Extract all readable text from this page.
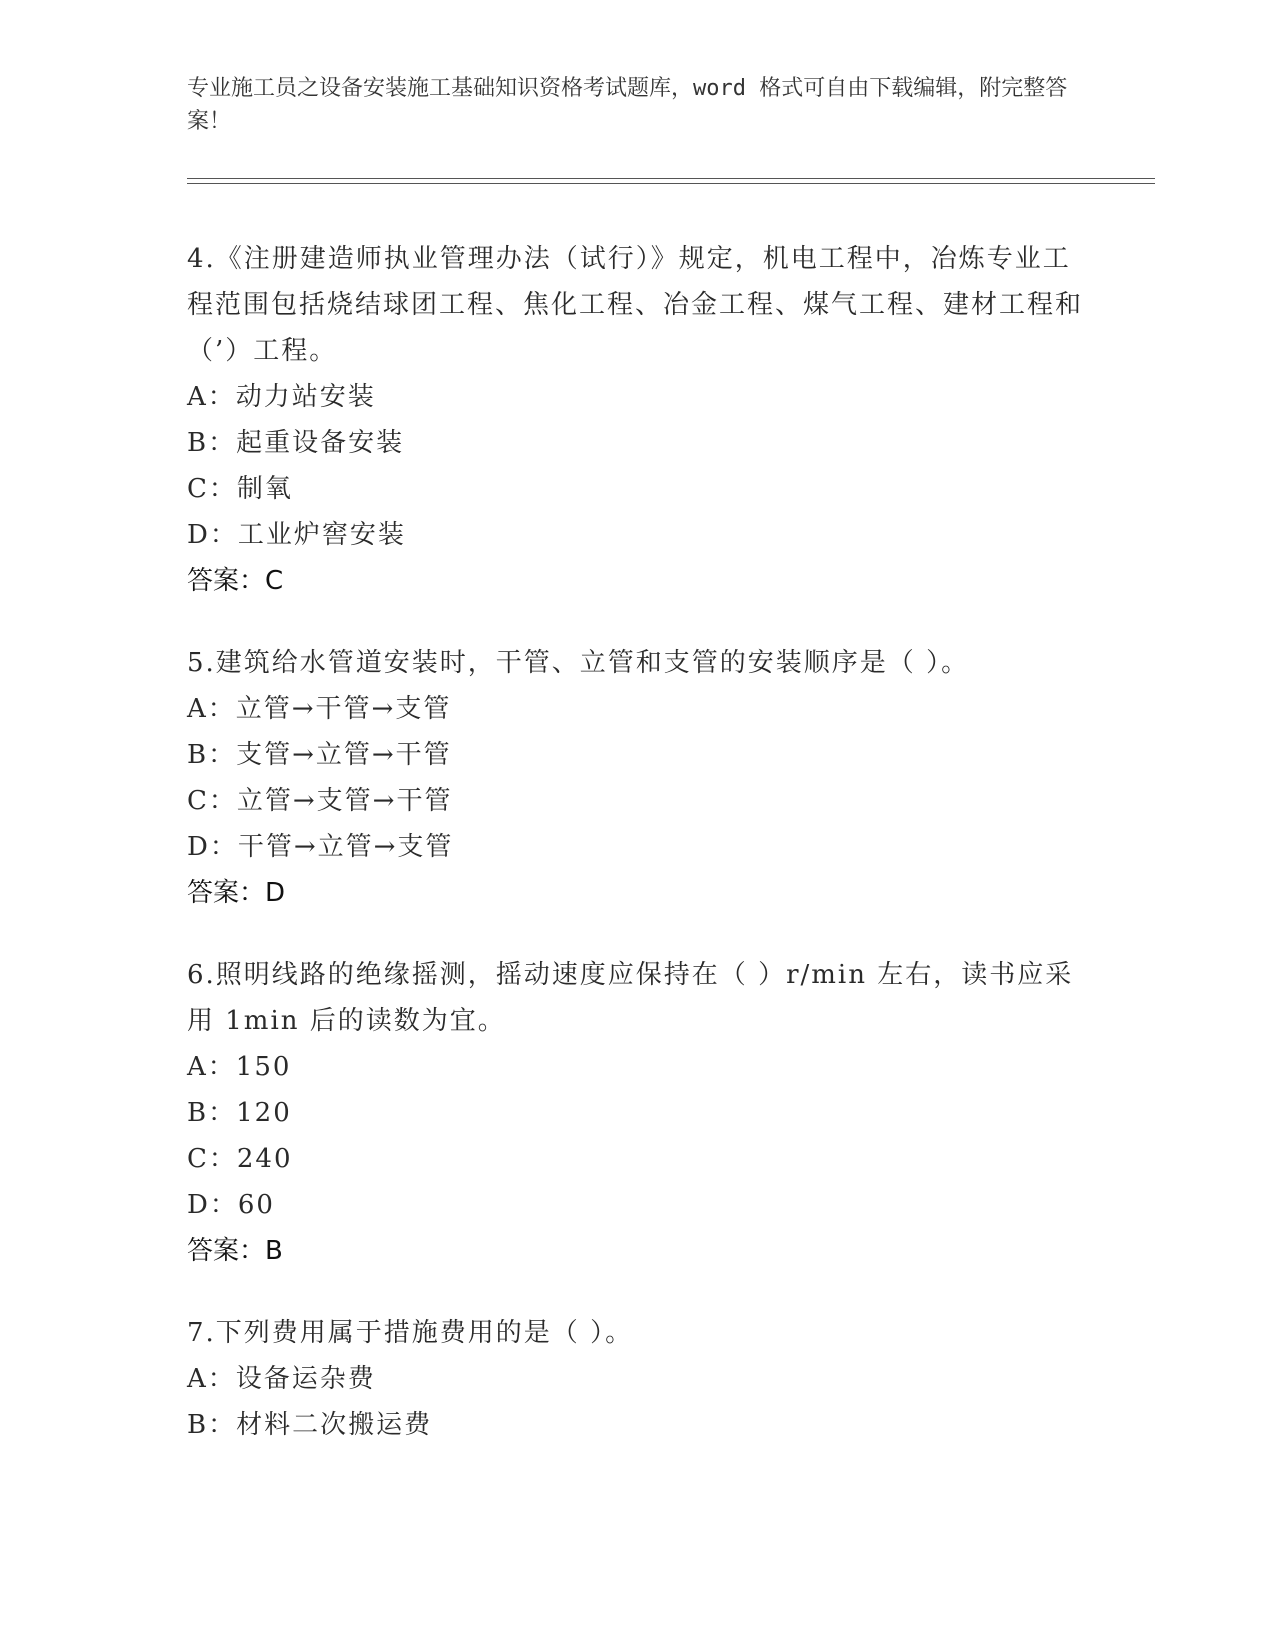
专业施工员之设备安装施工基础知识资格考试题库，word 格式可自由下载编辑，附完整答案！
4.《注册建造师执业管理办法（试行）》规定，机电工程中，冶炼专业工程范围包括烧结球团工程、焦化工程、冶金工程、煤气工程、建材工程和（’）工程。
A：动力站安装
B：起重设备安装
C：制氧
D：工业炉窖安装
答案：C
5.建筑给水管道安装时，干管、立管和支管的安装顺序是（ ）。
A：立管→干管→支管
B：支管→立管→干管
C：立管→支管→干管
D：干管→立管→支管
答案：D
6.照明线路的绝缘摇测，摇动速度应保持在（ ）r/min 左右，读书应采用 1min 后的读数为宜。
A：150
B：120
C：240
D：60
答案：B
7.下列费用属于措施费用的是（ ）。
A：设备运杂费
B：材料二次搬运费
